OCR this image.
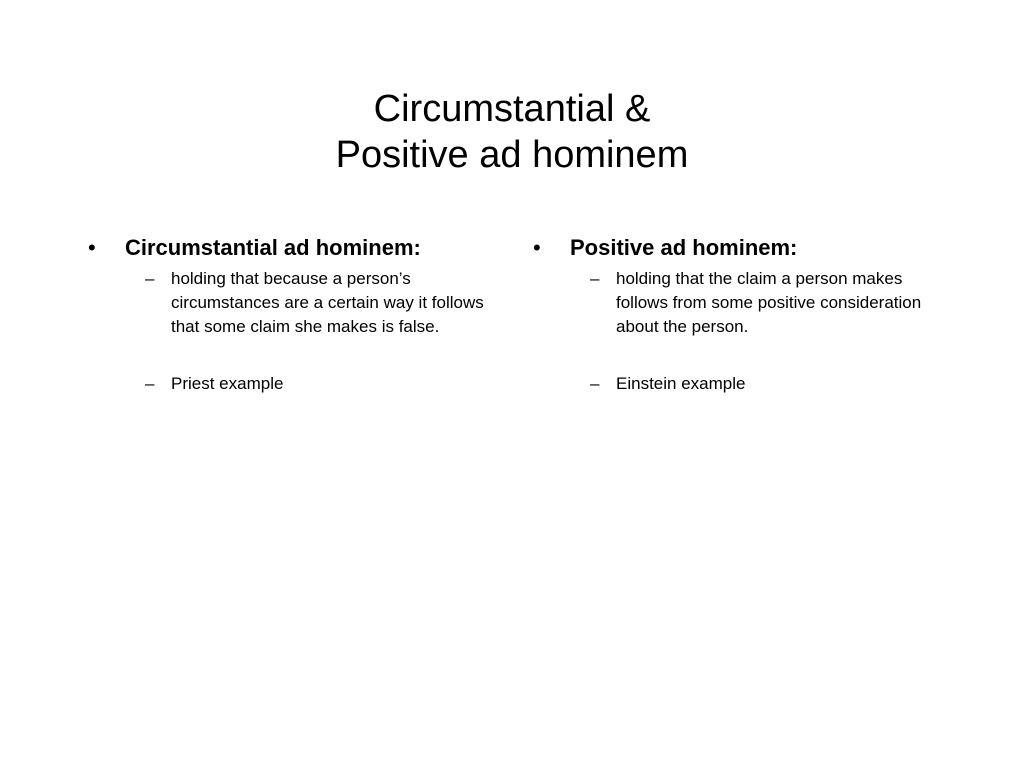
Circumstantial &
Positive ad hominem
•	Circumstantial ad hominem:
– holding that because a person’s circumstances are a certain way it follows that some claim she makes is false.
– Priest example
•	Positive ad hominem:
– holding that the claim a person makes follows from some positive consideration about the person.
– Einstein example
